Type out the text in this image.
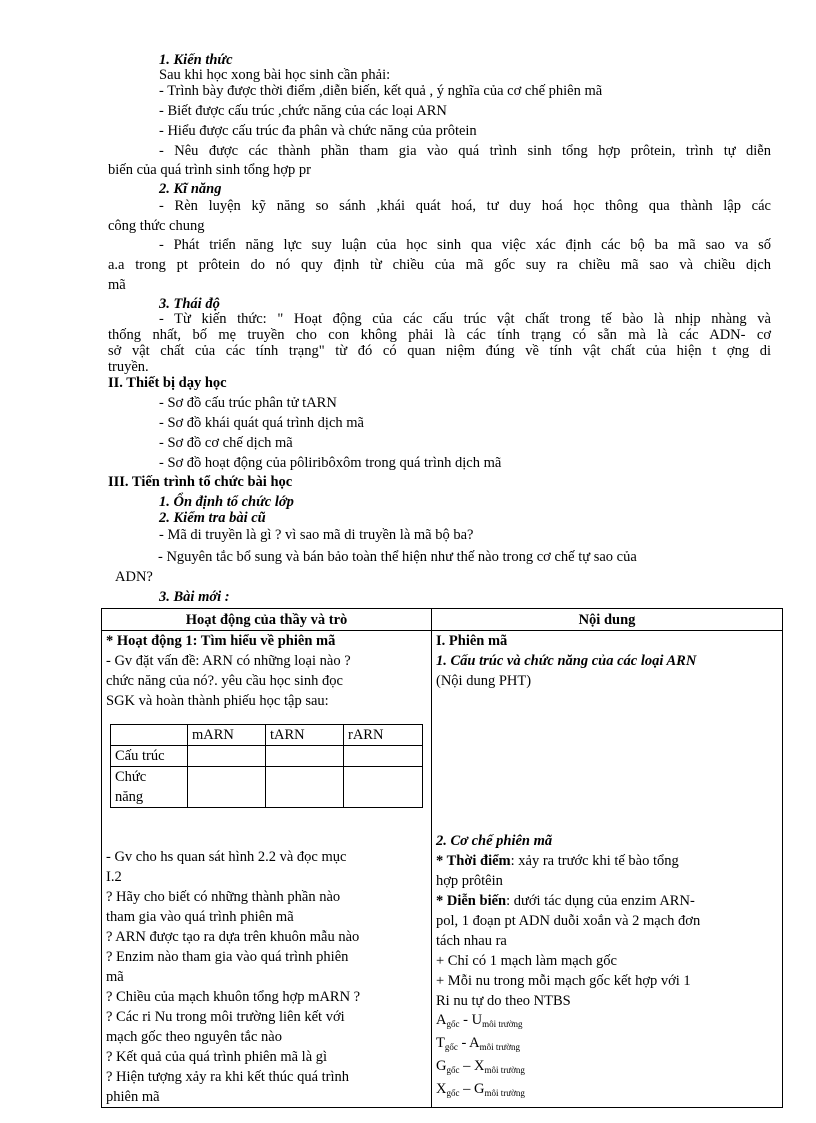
1. Kiến thức
Sau khi học xong bài học sinh cần phải:
- Trình bày được thời điểm ,diễn biến, kết quả , ý nghĩa của cơ chế phiên mã
- Biết được cấu trúc ,chức năng của các loại ARN
- Hiểu được cấu trúc đa phân và chức năng của prôtein
- Nêu được các thành phần tham gia vào quá trình sinh tổng hợp prôtein, trình tự diễn
biến của quá trình sinh tổng hợp pr
2. Kĩ năng
- Rèn luyện kỹ năng so sánh ,khái quát hoá, tư duy hoá học thông qua thành lập các
công thức chung
- Phát triển năng lực suy luận của học sinh qua việc xác định các bộ ba mã sao va số
a.a trong pt prôtein do nó quy định từ chiều của mã gốc suy ra chiều mã sao và chiều dịch
mã
3. Thái độ
- Từ kiến thức: " Hoạt động của các cấu trúc vật chất trong tế bào là nhịp nhàng và
thống nhất, bố mẹ truyền cho con không phải là các tính trạng có sẵn mà là các ADN- cơ
sở vật chất của các tính trạng" từ đó có quan niệm đúng về tính vật chất của hiện t ợng di
truyền.
II. Thiết bị dạy học
- Sơ đồ cấu trúc phân tử tARN
- Sơ đồ khái quát quá trình dịch mã
- Sơ đồ cơ chế dịch mã
- Sơ đồ hoạt động của pôliribôxôm trong quá trình dịch mã
III. Tiến trình tổ chức bài học
1. Ổn định tổ chức lớp
2. Kiểm tra bài cũ
- Mã di truyền là gì ? vì sao mã di truyền là mã bộ ba?
- Nguyên tắc bổ sung và bán bảo toàn thể hiện như thế nào trong cơ chế tự sao của
ADN?
3. Bài mới :
Hoạt động của thầy và trò	Nội dung

* Hoạt động 1: Tìm hiểu về phiên mã
- Gv đặt vấn đề: ARN có những loại nào ?
chức năng của nó?. yêu cầu học sinh đọc
SGK và hoàn thành phiếu học tập sau:
	mARN	tARN	rARN
Cấu trúc			

Chức
năng

- Gv cho hs quan sát hình 2.2 và đọc mục
I.2
? Hãy cho biết có những thành phần nào
tham gia vào quá trình phiên mã
? ARN được tạo ra dựa trên khuôn mẫu nào
? Enzim nào tham gia vào quá trình phiên
mã
? Chiều của mạch khuôn tổng hợp mARN ?
? Các ri Nu trong môi trường liên kết với
mạch gốc theo nguyên tắc nào
? Kết quả của quá trình phiên mã là gì
? Hiện tượng xảy ra khi kết thúc quá trình
phiên mã

I. Phiên mã
1. Cấu trúc và chức năng của các loại ARN
(Nội dung PHT)
2. Cơ chế phiên mã
* Thời điểm: xảy ra trước khi tế bào tổng
hợp prôtêin
* Diễn biến: dưới tác dụng của enzim ARN-
pol, 1 đoạn pt ADN duỗi xoắn và 2 mạch đơn
tách nhau ra
+ Chỉ có 1 mạch làm mạch gốc
+ Mỗi nu trong mỗi mạch gốc kết hợp với 1
Ri nu tự do theo NTBS
$A_{gốc} - U_{môi trường}$
$T_{gốc} - A_{môi trường}$
$G_{gốc} - X_{môi trường}$
$X_{gốc} - G_{môi trường}$
